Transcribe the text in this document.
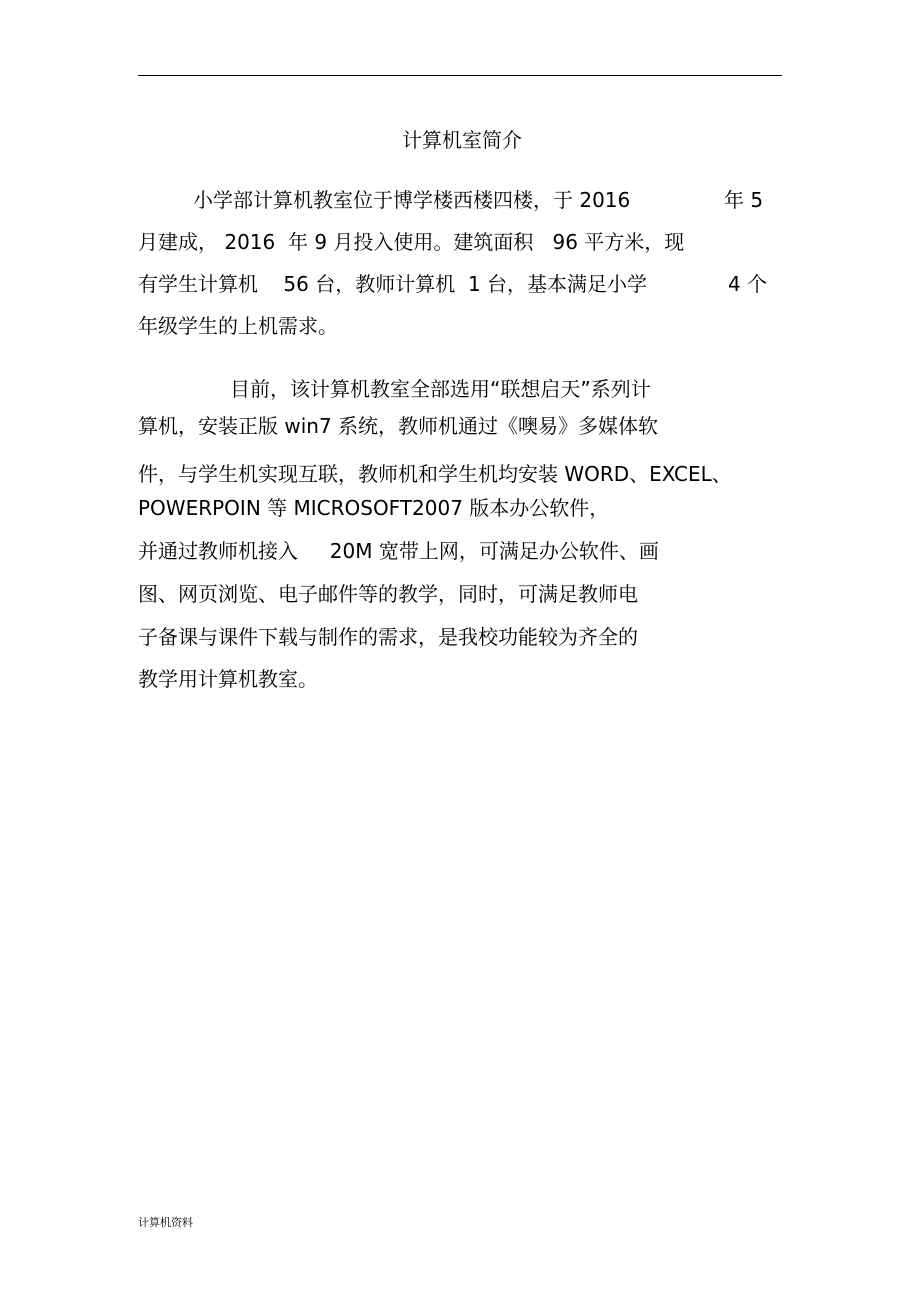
计算机室简介
小学部计算机教室位于博学楼西楼四楼，于 2016	年 5
月建成， 2016  年 9 月投入使用。建筑面积   96 平方米，现
有学生计算机    56 台，教师计算机  1 台，基本满足小学	4 个
年级学生的上机需求。
目前，该计算机教室全部选用“联想启天”系列计
算机，安装正版 win7 系统，教师机通过《噢易》多媒体软
件，与学生机实现互联，教师机和学生机均安装 WORD、EXCEL、
POWERPOIN 等 MICROSOFT2007 版本办公软件，
并通过教师机接入     20M 宽带上网，可满足办公软件、画
图、网页浏览、电子邮件等的教学，同时，可满足教师电
子备课与课件下载与制作的需求，是我校功能较为齐全的
教学用计算机教室。
计算机资料
